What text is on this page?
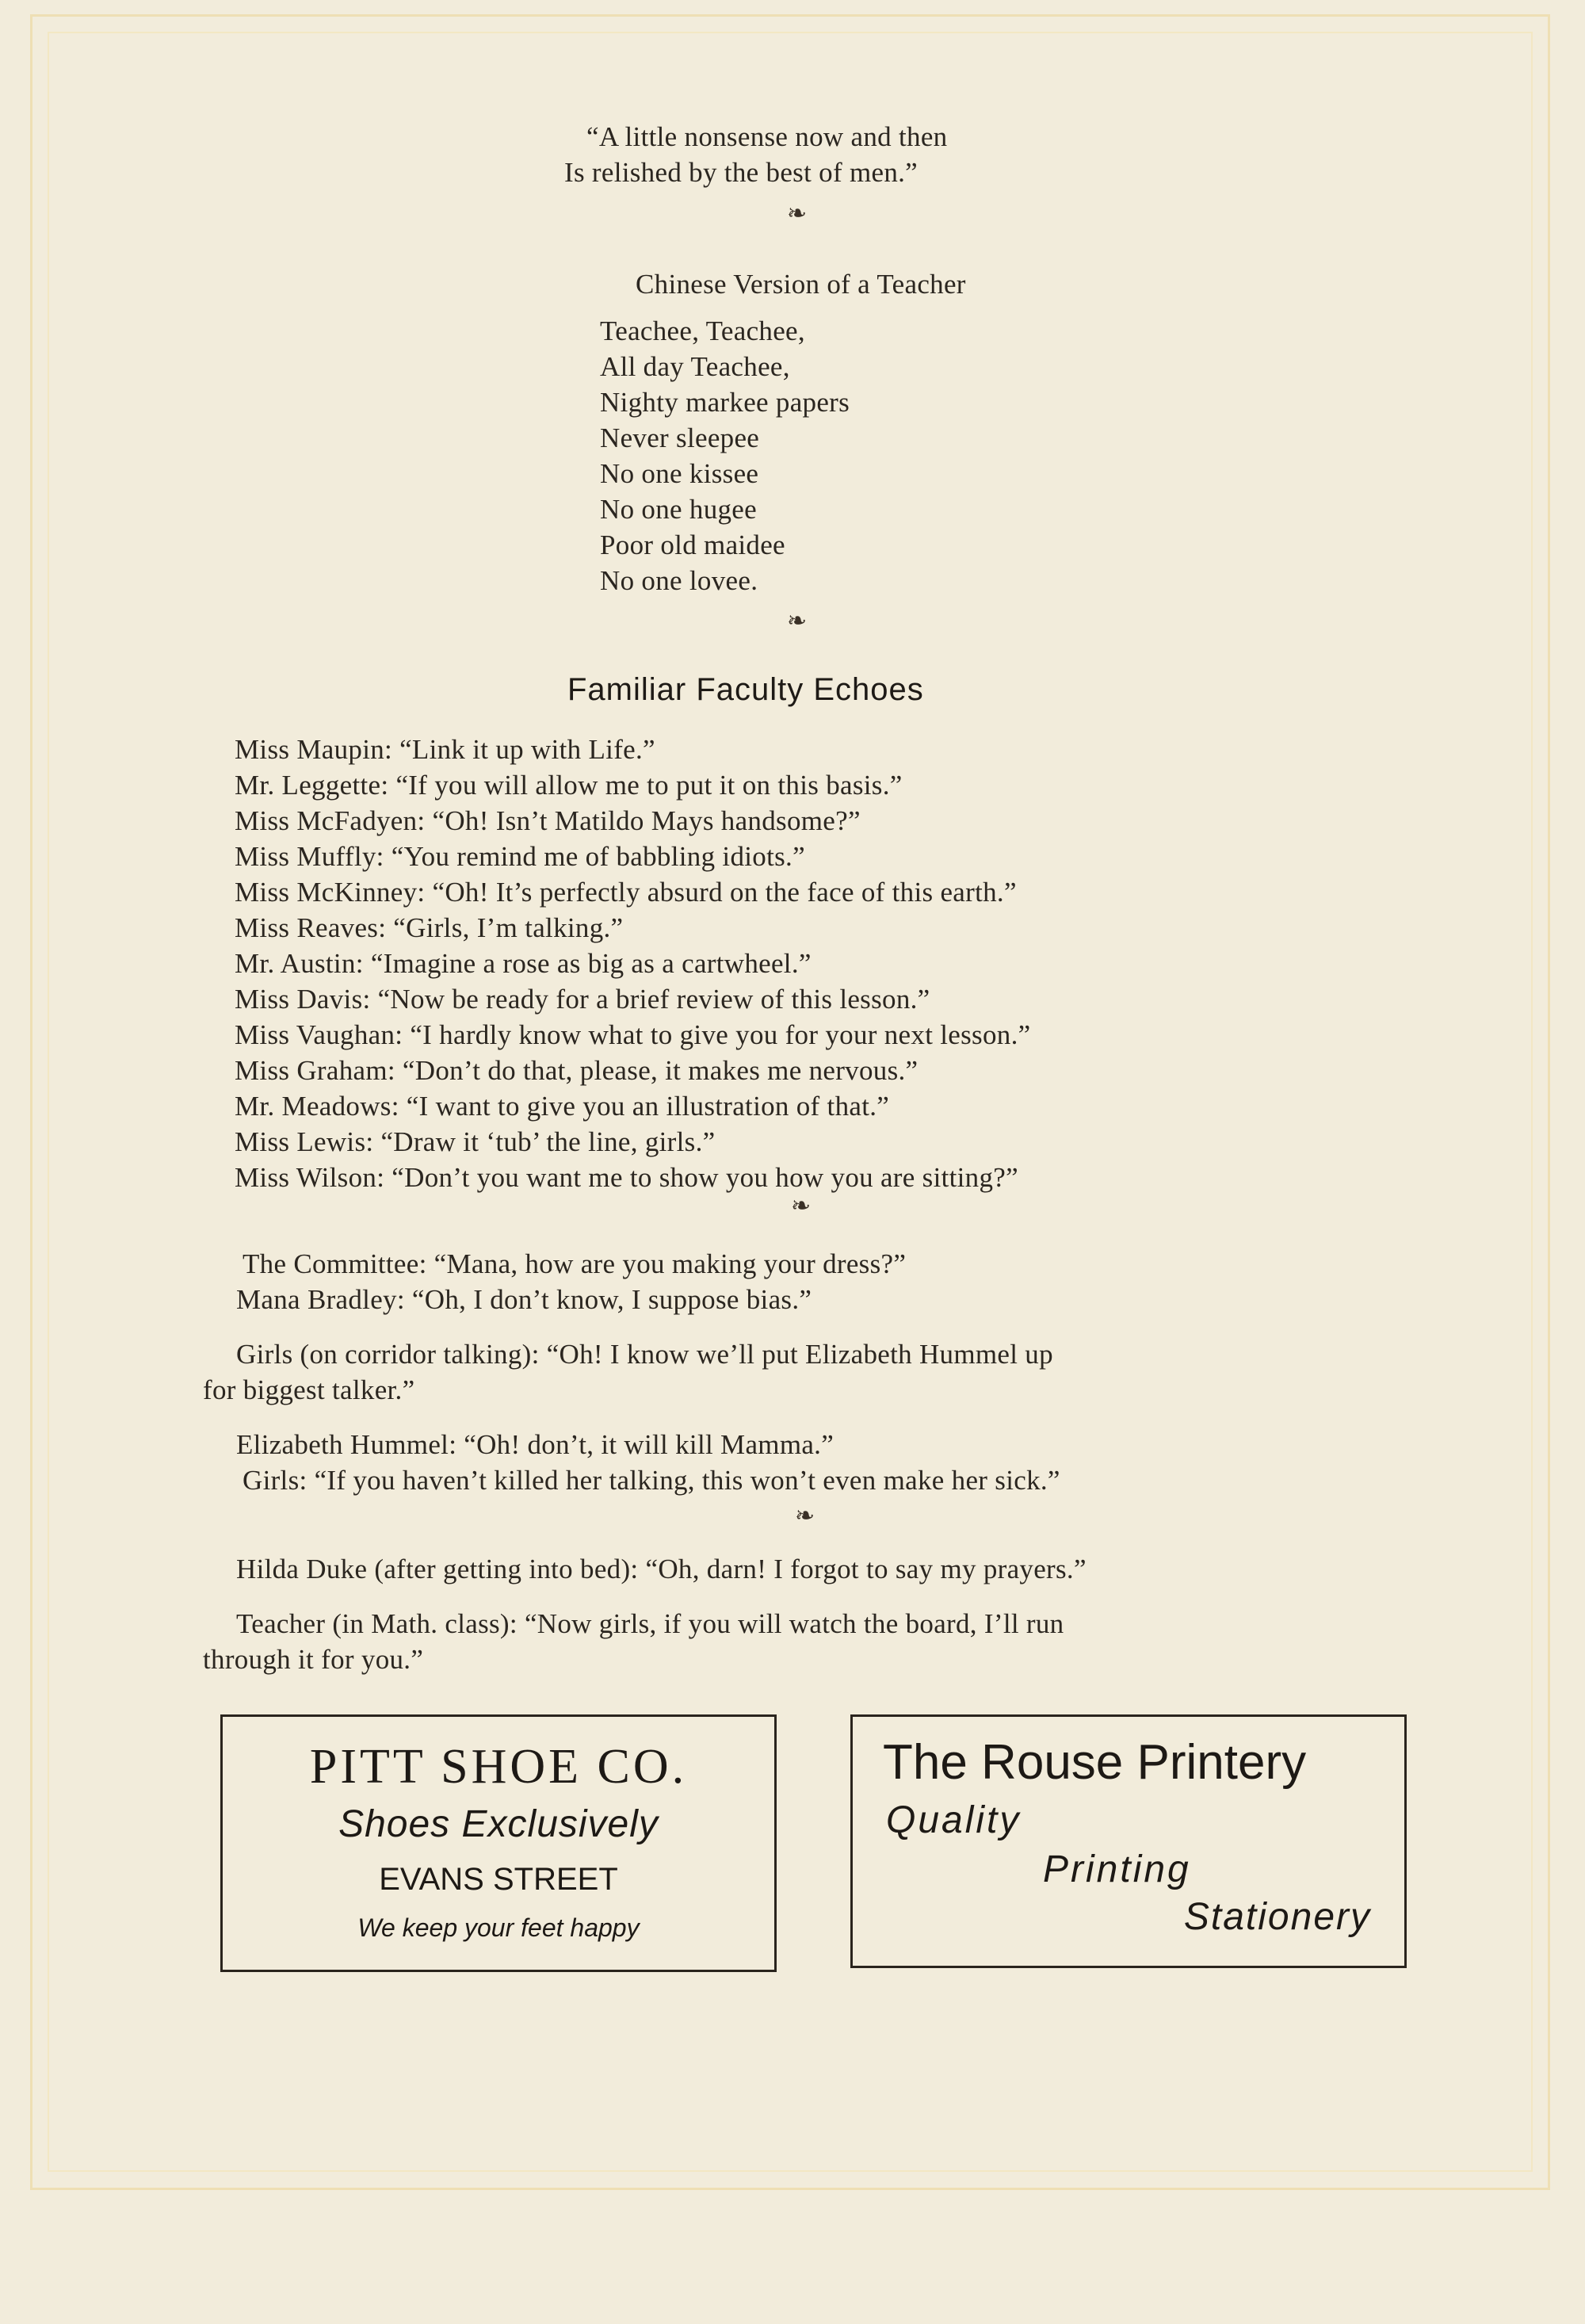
“A little nonsense now and then

Is relished by the best of men.”

❧

Chinese Version of a Teacher

Teachee, Teachee,

All day Teachee,

Nighty markee papers

Never sleepee

No one kissee

No one hugee

Poor old maidee

No one lovee.

❧

Familiar Faculty Echoes

Miss Maupin: “Link it up with Life.”

Mr. Leggette: “If you will allow me to put it on this basis.”

Miss McFadyen: “Oh! Isn’t Matildo Mays handsome?”

Miss Muffly: “You remind me of babbling idiots.”

Miss McKinney: “Oh! It’s perfectly absurd on the face of this earth.”

Miss Reaves: “Girls, I’m talking.”

Mr. Austin: “Imagine a rose as big as a cartwheel.”

Miss Davis: “Now be ready for a brief review of this lesson.”

Miss Vaughan: “I hardly know what to give you for your next lesson.”

Miss Graham: “Don’t do that, please, it makes me nervous.”

Mr. Meadows: “I want to give you an illustration of that.”

Miss Lewis: “Draw it ‘tub’ the line, girls.”

Miss Wilson: “Don’t you want me to show you how you are sitting?”

❧

The Committee: “Mana, how are you making your dress?”

Mana Bradley: “Oh, I don’t know, I suppose bias.”

Girls (on corridor talking): “Oh! I know we’ll put Elizabeth Hummel up

for biggest talker.”

Elizabeth Hummel: “Oh! don’t, it will kill Mamma.”

Girls: “If you haven’t killed her talking, this won’t even make her sick.”

❧

Hilda Duke (after getting into bed): “Oh, darn! I forgot to say my prayers.”

Teacher (in Math. class): “Now girls, if you will watch the board, I’ll run

through it for you.”

PITT SHOE CO.
Shoes Exclusively
EVANS STREET
We keep your feet happy
The Rouse Printery
Quality
Printing
Stationery
